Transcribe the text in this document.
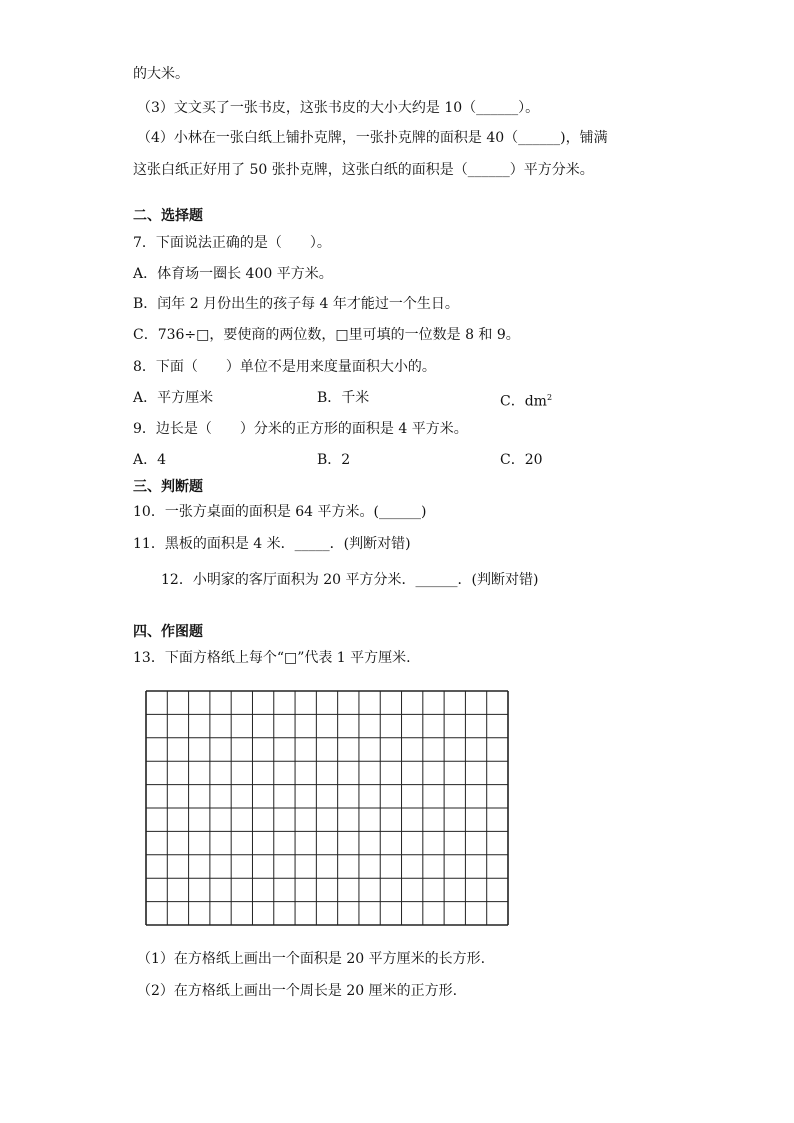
的大米。
（3）文文买了一张书皮，这张书皮的大小大约是 10（______）。
（4）小林在一张白纸上铺扑克牌，一张扑克牌的面积是 40（______)，铺满
这张白纸正好用了 50 张扑克牌，这张白纸的面积是（______）平方分米。
二、选择题
7．下面说法正确的是（　　）。
A．体育场一圈长 400 平方米。
B．闰年 2 月份出生的孩子每 4 年才能过一个生日。
C．736÷□，要使商的两位数，□里可填的一位数是 8 和 9。
8．下面（　　）单位不是用来度量面积大小的。
A．平方厘米	B．千米	C．$dm^2$
9．边长是（　　）分米的正方形的面积是 4 平方米。
A．4	B．2	C．20
三、判断题
10．一张方桌面的面积是 64 平方米。(______)
11．黑板的面积是 4 米．_____．(判断对错)
12．小明家的客厅面积为 20 平方分米．______．(判断对错)
四、作图题
13．下面方格纸上每个“□”代表 1 平方厘米.
（1）在方格纸上画出一个面积是 20 平方厘米的长方形.
（2）在方格纸上画出一个周长是 20 厘米的正方形.
